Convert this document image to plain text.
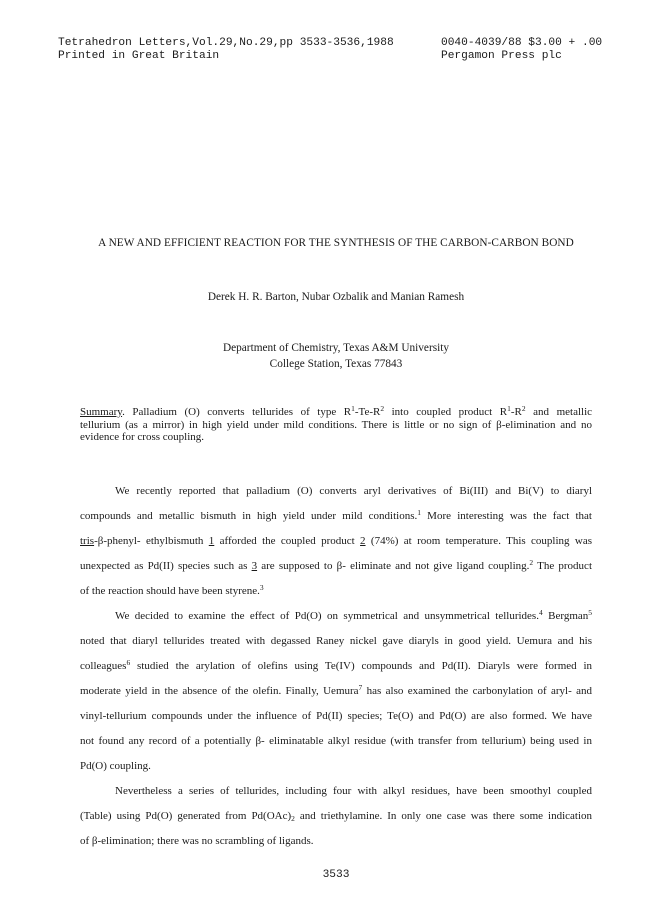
Tetrahedron Letters,Vol.29,No.29,pp 3533-3536,1988
Printed in Great Britain
0040-4039/88 $3.00 + .00
Pergamon Press plc
A NEW AND EFFICIENT REACTION FOR THE SYNTHESIS OF THE CARBON-CARBON BOND
Derek H. R. Barton, Nubar Ozbalik and Manian Ramesh
Department of Chemistry, Texas A&M University
College Station, Texas 77843
Summary. Palladium (O) converts tellurides of type $R^1-Te-R^2$ into coupled product $R^1-R^2$ and metallic
tellurium (as a mirror) in high yield under mild conditions. There is little or no sign of β-elimination and no
evidence for cross coupling.
We recently reported that palladium (O) converts aryl derivatives of Bi(III) and Bi(V) to diaryl
compounds and metallic bismuth in high yield under mild conditions.$^1$ More interesting was the fact that
tris-β-phenyl- ethylbismuth 1 afforded the coupled product 2 (74%) at room temperature. This coupling was
unexpected as Pd(II) species such as 3 are supposed to β- eliminate and not give ligand coupling.$^2$ The product
of the reaction should have been styrene.$^3$
We decided to examine the effect of Pd(O) on symmetrical and unsymmetrical tellurides.$^4$ Bergman$^5$
noted that diaryl tellurides treated with degassed Raney nickel gave diaryls in good yield. Uemura and his
colleagues$^6$ studied the arylation of olefins using Te(IV) compounds and Pd(II). Diaryls were formed in
moderate yield in the absence of the olefin. Finally, Uemura$^7$ has also examined the carbonylation of aryl- and
vinyl-tellurium compounds under the influence of Pd(II) species; Te(O) and Pd(O) are also formed. We have
not found any record of a potentially β- eliminatable alkyl residue (with transfer from tellurium) being used in
Pd(O) coupling.
Nevertheless a series of tellurides, including four with alkyl residues, have been smoothyl coupled
(Table) using Pd(O) generated from $Pd(OAc)_2$ and triethylamine. In only one case was there some indication
of β-elimination; there was no scrambling of ligands.
3533
